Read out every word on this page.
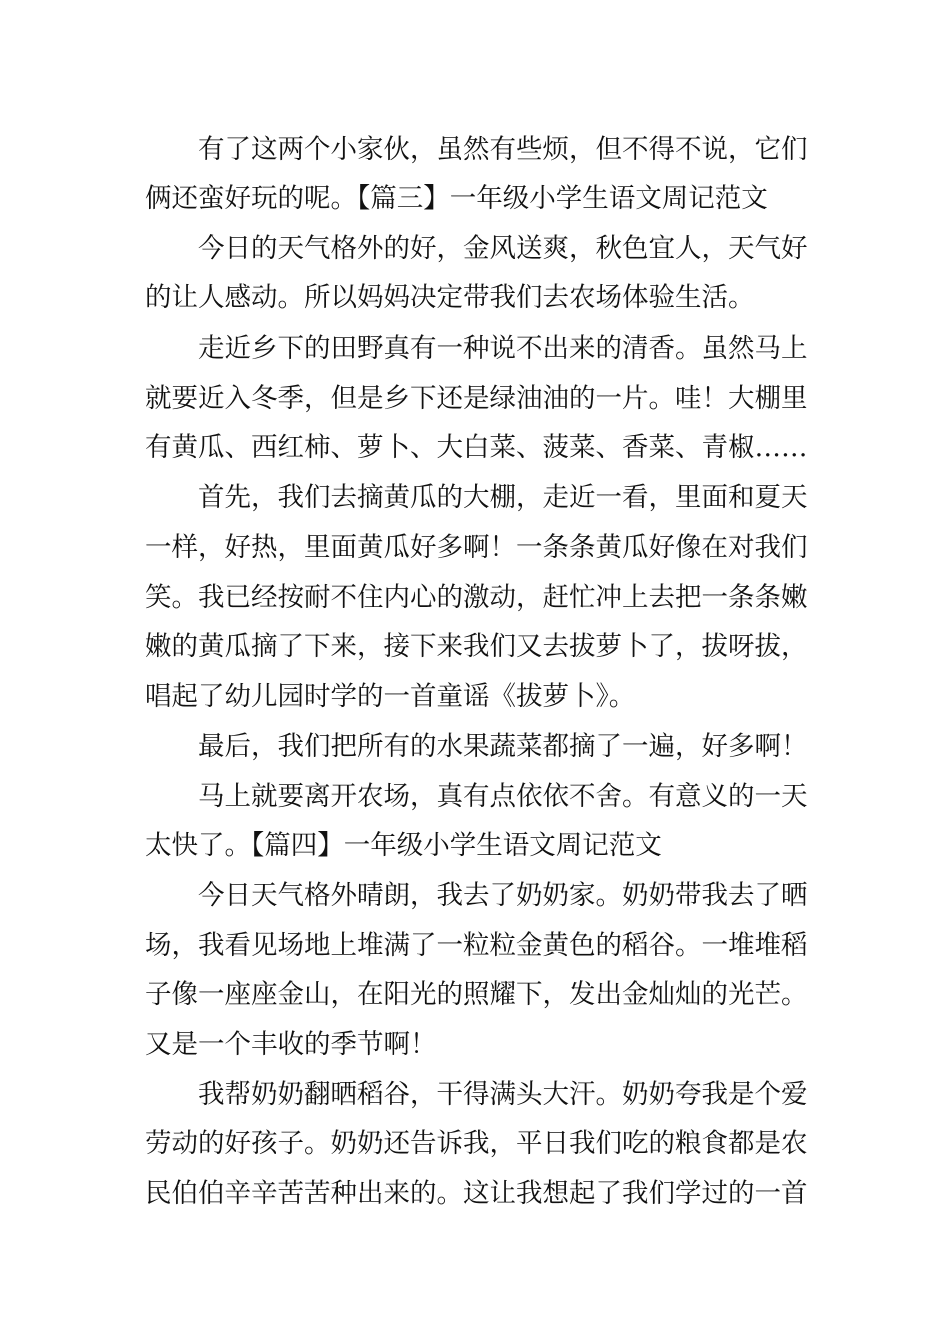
有了这两个小家伙，虽然有些烦，但不得不说，它们
俩还蛮好玩的呢。【篇三】一年级小学生语文周记范文
今日的天气格外的好，金风送爽，秋色宜人，天气好
的让人感动。所以妈妈决定带我们去农场体验生活。
走近乡下的田野真有一种说不出来的清香。虽然马上
就要近入冬季，但是乡下还是绿油油的一片。哇！大棚里
有黄瓜、西红柿、萝卜、大白菜、菠菜、香菜、青椒……
首先，我们去摘黄瓜的大棚，走近一看，里面和夏天
一样，好热，里面黄瓜好多啊！一条条黄瓜好像在对我们
笑。我已经按耐不住内心的激动，赶忙冲上去把一条条嫩
嫩的黄瓜摘了下来，接下来我们又去拔萝卜了，拔呀拔，
唱起了幼儿园时学的一首童谣《拔萝卜》。
最后，我们把所有的水果蔬菜都摘了一遍，好多啊！
马上就要离开农场，真有点依依不舍。有意义的一天
太快了。【篇四】一年级小学生语文周记范文
今日天气格外晴朗，我去了奶奶家。奶奶带我去了晒
场，我看见场地上堆满了一粒粒金黄色的稻谷。一堆堆稻
子像一座座金山，在阳光的照耀下，发出金灿灿的光芒。
又是一个丰收的季节啊！
我帮奶奶翻晒稻谷，干得满头大汗。奶奶夸我是个爱
劳动的好孩子。奶奶还告诉我，平日我们吃的粮食都是农
民伯伯辛辛苦苦种出来的。这让我想起了我们学过的一首
